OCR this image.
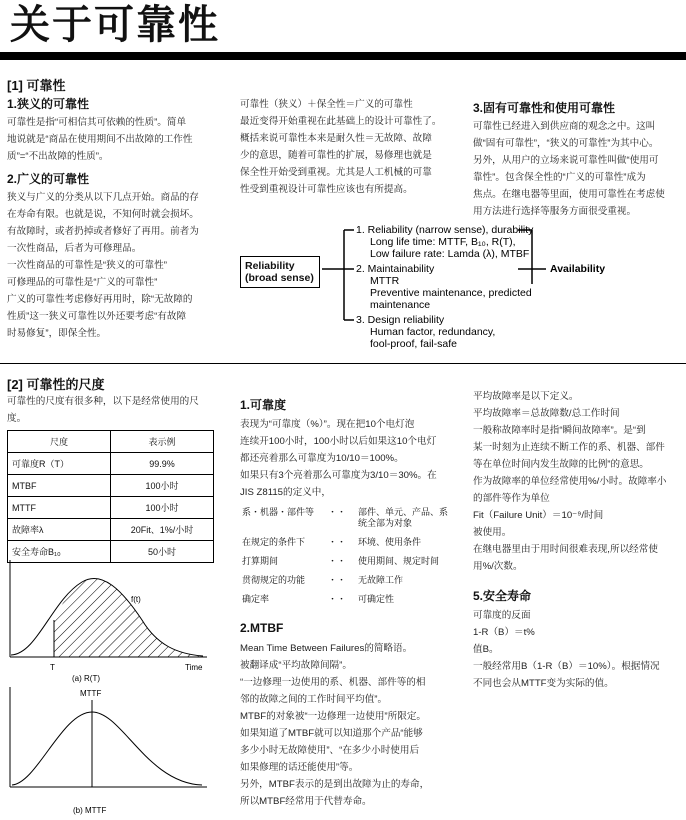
关于可靠性
[1] 可靠性
1.狭义的可靠性
可靠性是指“可相信其可依赖的性质”。简单
地说就是“商品在使用期间不出故障的工作性
质”=“不出故障的性质”。
2.广义的可靠性
狭义与广义的分类从以下几点开始。商品的存
在寿命有限。也就是说，不知何时就会损坏。
有故障时，或者扔掉或者修好了再用。前者为
一次性商品，后者为可修理品。
一次性商品的可靠性是“狭义的可靠性”
可修理品的可靠性是“广义的可靠性”
广义的可靠性考虑修好再用时，除“无故障的
性质”这一狭义可靠性以外还要考虑“有故障
时易修复”，即保全性。
可靠性（狭义）＋保全性＝广义的可靠性
最近变得开始重视在此基础上的设计可靠性了。
概括来说可靠性本来是耐久性＝无故障、故障
少的意思，随着可靠性的扩展，易修理也就是
保全性开始受到重视。尤其是人工机械的可靠
性受到重视设计可靠性应该也有所提高。
3.固有可靠性和使用可靠性
可靠性已经进入到供应商的观念之中。这叫
做“固有可靠性”，“狭义的可靠性”为其中心。
另外，从用户的立场来说可靠性叫做“使用可
靠性”。包含保全性的“广义的可靠性”成为
焦点。在继电器等里面，使用可靠性在考虑使
用方法进行选择等服务方面很受重视。
Reliability
(broad sense)
1. Reliability (narrow sense), durability
Long life time: MTTF, B₁₀, R(T),
Low failure rate: Lamda (λ), MTBF
2. Maintainability
MTTR
Preventive maintenance, predicted
maintenance
3. Design reliability
Human factor, redundancy,
fool-proof, fail-safe
Availability
[2] 可靠性的尺度
可靠性的尺度有很多种，以下是经常使用的尺
度。
尺度	表示例
可靠度R（T）	99.9%
MTBF	100小时
MTTF	100小时
故障率λ	20Fit、1%/小时
安全寿命B₁₀	50小时
f(t)
T	Time
(a) R(T)
MTTF
(b) MTTF
1.可靠度
表现为“可靠度（%）”。现在把10个电灯泡
连续开100小时，100小时以后如果这10个电灯
都还亮着那么可靠度为10/10＝100%。
如果只有3个亮着那么可靠度为3/10＝30%。在
JIS Z8115的定义中，
系・机器・部件等	・・	部件、单元、产品、系统全部为对象
在规定的条件下	・・	环境、使用条件
打算期间	・・	使用期间、规定时间
贯彻规定的功能	・・	无故障工作
确定率	・・	可确定性
2.MTBF
Mean Time Between Failures的简略语。
被翻译成“平均故障间隔”。
“一边修理一边使用的系、机器、部件等的相
邻的故障之间的工作时间平均值”。
MTBF的对象被“一边修理一边使用”所限定。
如果知道了MTBF就可以知道那个产品“能够
多少小时无故障使用”、“在多少小时使用后
如果修理的话还能使用”等。
另外，MTBF表示的是到出故障为止的寿命，
所以MTBF经常用于代替寿命。
平均故障率是以下定义。
平均故障率＝总故障数/总工作时间
一般称故障率时是指“瞬间故障率”。是“到
某一时刻为止连续不断工作的系、机器、部件
等在单位时间内发生故障的比例”的意思。
作为故障率的单位经常使用%/小时。故障率小
的部件等作为单位
Fit（Failure Unit）＝10⁻⁹/时间
被使用。
在继电器里由于用时间很难表现,所以经常使
用%/次数。
5.安全寿命
可靠度的反面
1-R（B）＝t%
值B。
一般经常用B（1-R（B）＝10%）。根据情况
不同也会从MTTF变为实际的值。
